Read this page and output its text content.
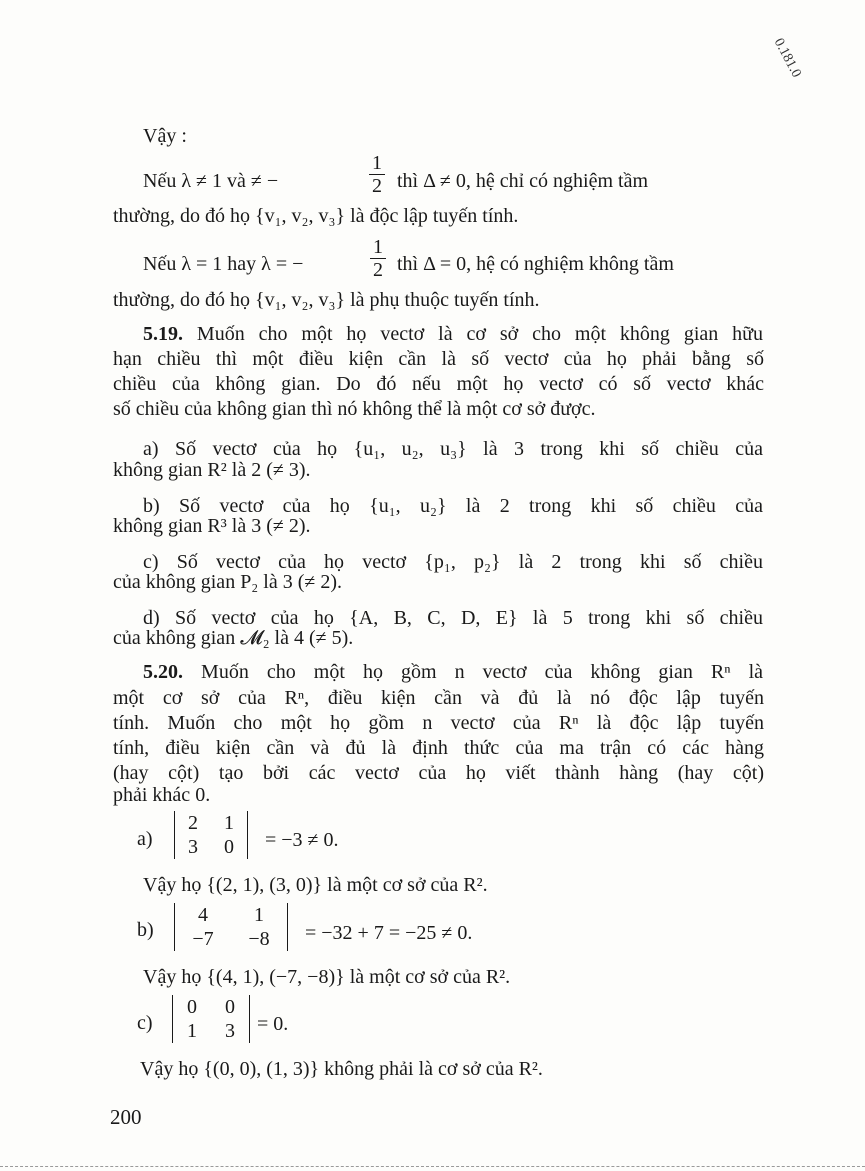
0.181.0
Vậy :
Nếu λ ≠ 1 và ≠ −
1
2 thì Δ ≠ 0, hệ chỉ có nghiệm tầm
thường, do đó họ {v₁, v₂, v₃} là độc lập tuyến tính.
Nếu λ = 1 hay λ = −
1
2 thì Δ = 0, hệ có nghiệm không tầm
thường, do đó họ {v₁, v₂, v₃} là phụ thuộc tuyến tính.
5.19. Muốn cho một họ vectơ là cơ sở cho một không gian hữu
hạn chiều thì một điều kiện cần là số vectơ của họ phải bằng số
chiều của không gian. Do đó nếu một họ vectơ có số vectơ khác
số chiều của không gian thì nó không thể là một cơ sở được.
a) Số vectơ của họ {u₁, u₂, u₃} là 3 trong khi số chiều của
không gian R² là 2 (≠ 3).
b) Số vectơ của họ {u₁, u₂} là 2 trong khi số chiều của
không gian R³ là 3 (≠ 2).
c) Số vectơ của họ vectơ {p₁, p₂} là 2 trong khi số chiều
của không gian P₂ là 3 (≠ 2).
d) Số vectơ của họ {A, B, C, D, E} là 5 trong khi số chiều
của không gian 𝓜₂ là 4 (≠ 5).
5.20. Muốn cho một họ gồm n vectơ của không gian Rⁿ là
một cơ sở của Rⁿ, điều kiện cần và đủ là nó độc lập tuyến
tính. Muốn cho một họ gồm n vectơ của Rⁿ là độc lập tuyến
tính, điều kiện cần và đủ là định thức của ma trận có các hàng
(hay cột) tạo bởi các vectơ của họ viết thành hàng (hay cột)
phải khác 0.
a)
2	1
3	0	= −3 ≠ 0.
Vậy họ {(2, 1), (3, 0)} là một cơ sở của R².
b)
4	1
−7	−8	= −32 + 7 = −25 ≠ 0.
Vậy họ {(4, 1), (−7, −8)} là một cơ sở của R².
c)
0	0
1	3	= 0.
Vậy họ {(0, 0), (1, 3)} không phải là cơ sở của R².
200
